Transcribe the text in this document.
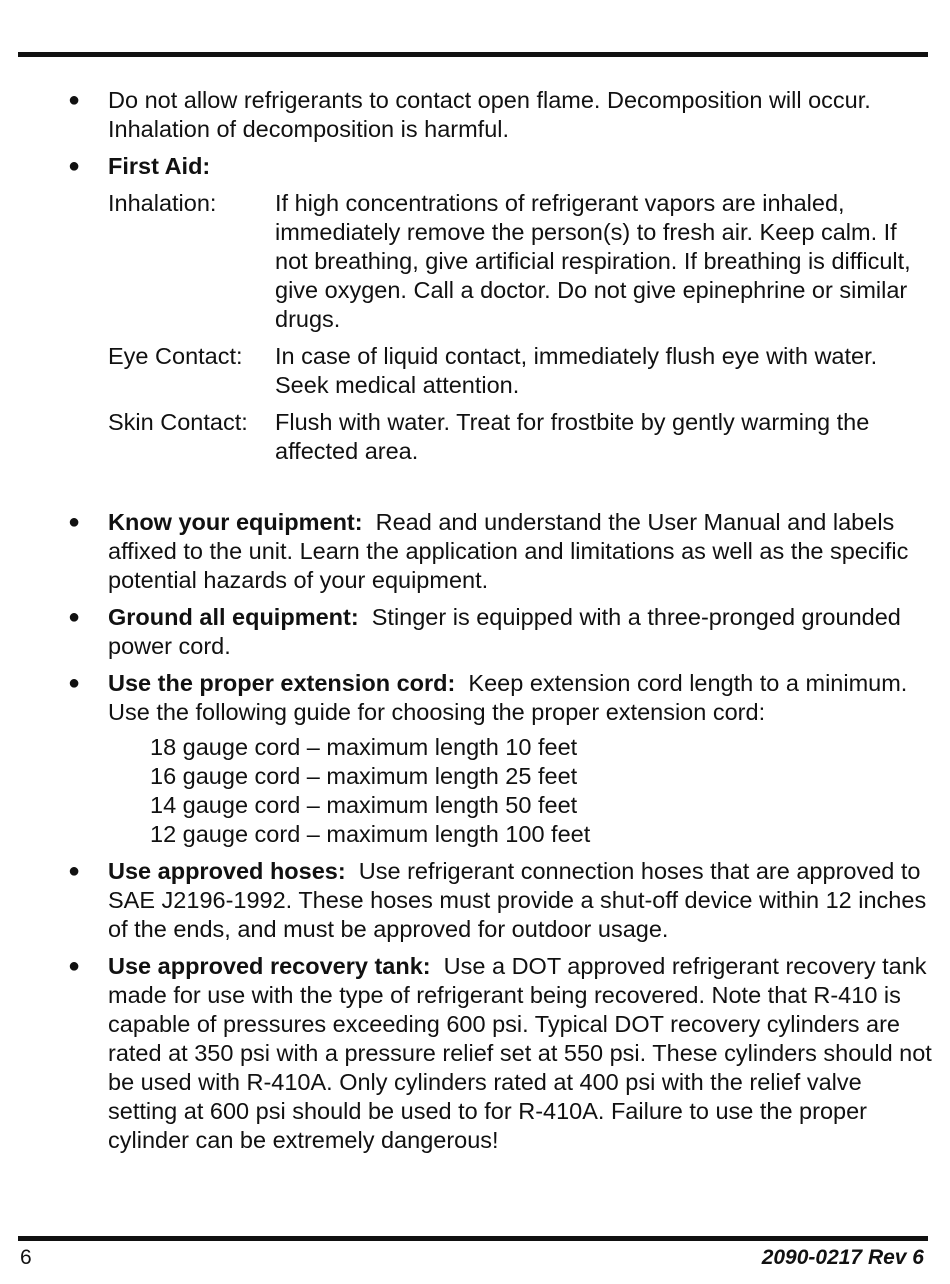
● Do not allow refrigerants to contact open flame. Decomposition will occur. Inhalation of decomposition is harmful.
● First Aid:
Inhalation: If high concentrations of refrigerant vapors are inhaled, immediately remove the person(s) to fresh air. Keep calm. If not breathing, give artificial respiration. If breathing is difficult, give oxygen. Call a doctor. Do not give epinephrine or similar drugs.
Eye Contact: In case of liquid contact, immediately flush eye with water. Seek medical attention.
Skin Contact: Flush with water. Treat for frostbite by gently warming the affected area.
● Know your equipment: Read and understand the User Manual and labels affixed to the unit. Learn the application and limitations as well as the specific potential hazards of your equipment.
● Ground all equipment: Stinger is equipped with a three-pronged grounded power cord.
● Use the proper extension cord: Keep extension cord length to a minimum. Use the following guide for choosing the proper extension cord:
18 gauge cord – maximum length 10 feet
16 gauge cord – maximum length 25 feet
14 gauge cord – maximum length 50 feet
12 gauge cord – maximum length 100 feet
● Use approved hoses: Use refrigerant connection hoses that are approved to SAE J2196-1992. These hoses must provide a shut-off device within 12 inches of the ends, and must be approved for outdoor usage.
● Use approved recovery tank: Use a DOT approved refrigerant recovery tank made for use with the type of refrigerant being recovered. Note that R-410 is capable of pressures exceeding 600 psi. Typical DOT recovery cylinders are rated at 350 psi with a pressure relief set at 550 psi. These cylinders should not be used with R-410A. Only cylinders rated at 400 psi with the relief valve setting at 600 psi should be used to for R-410A. Failure to use the proper cylinder can be extremely dangerous!
6	2090-0217 Rev 6
